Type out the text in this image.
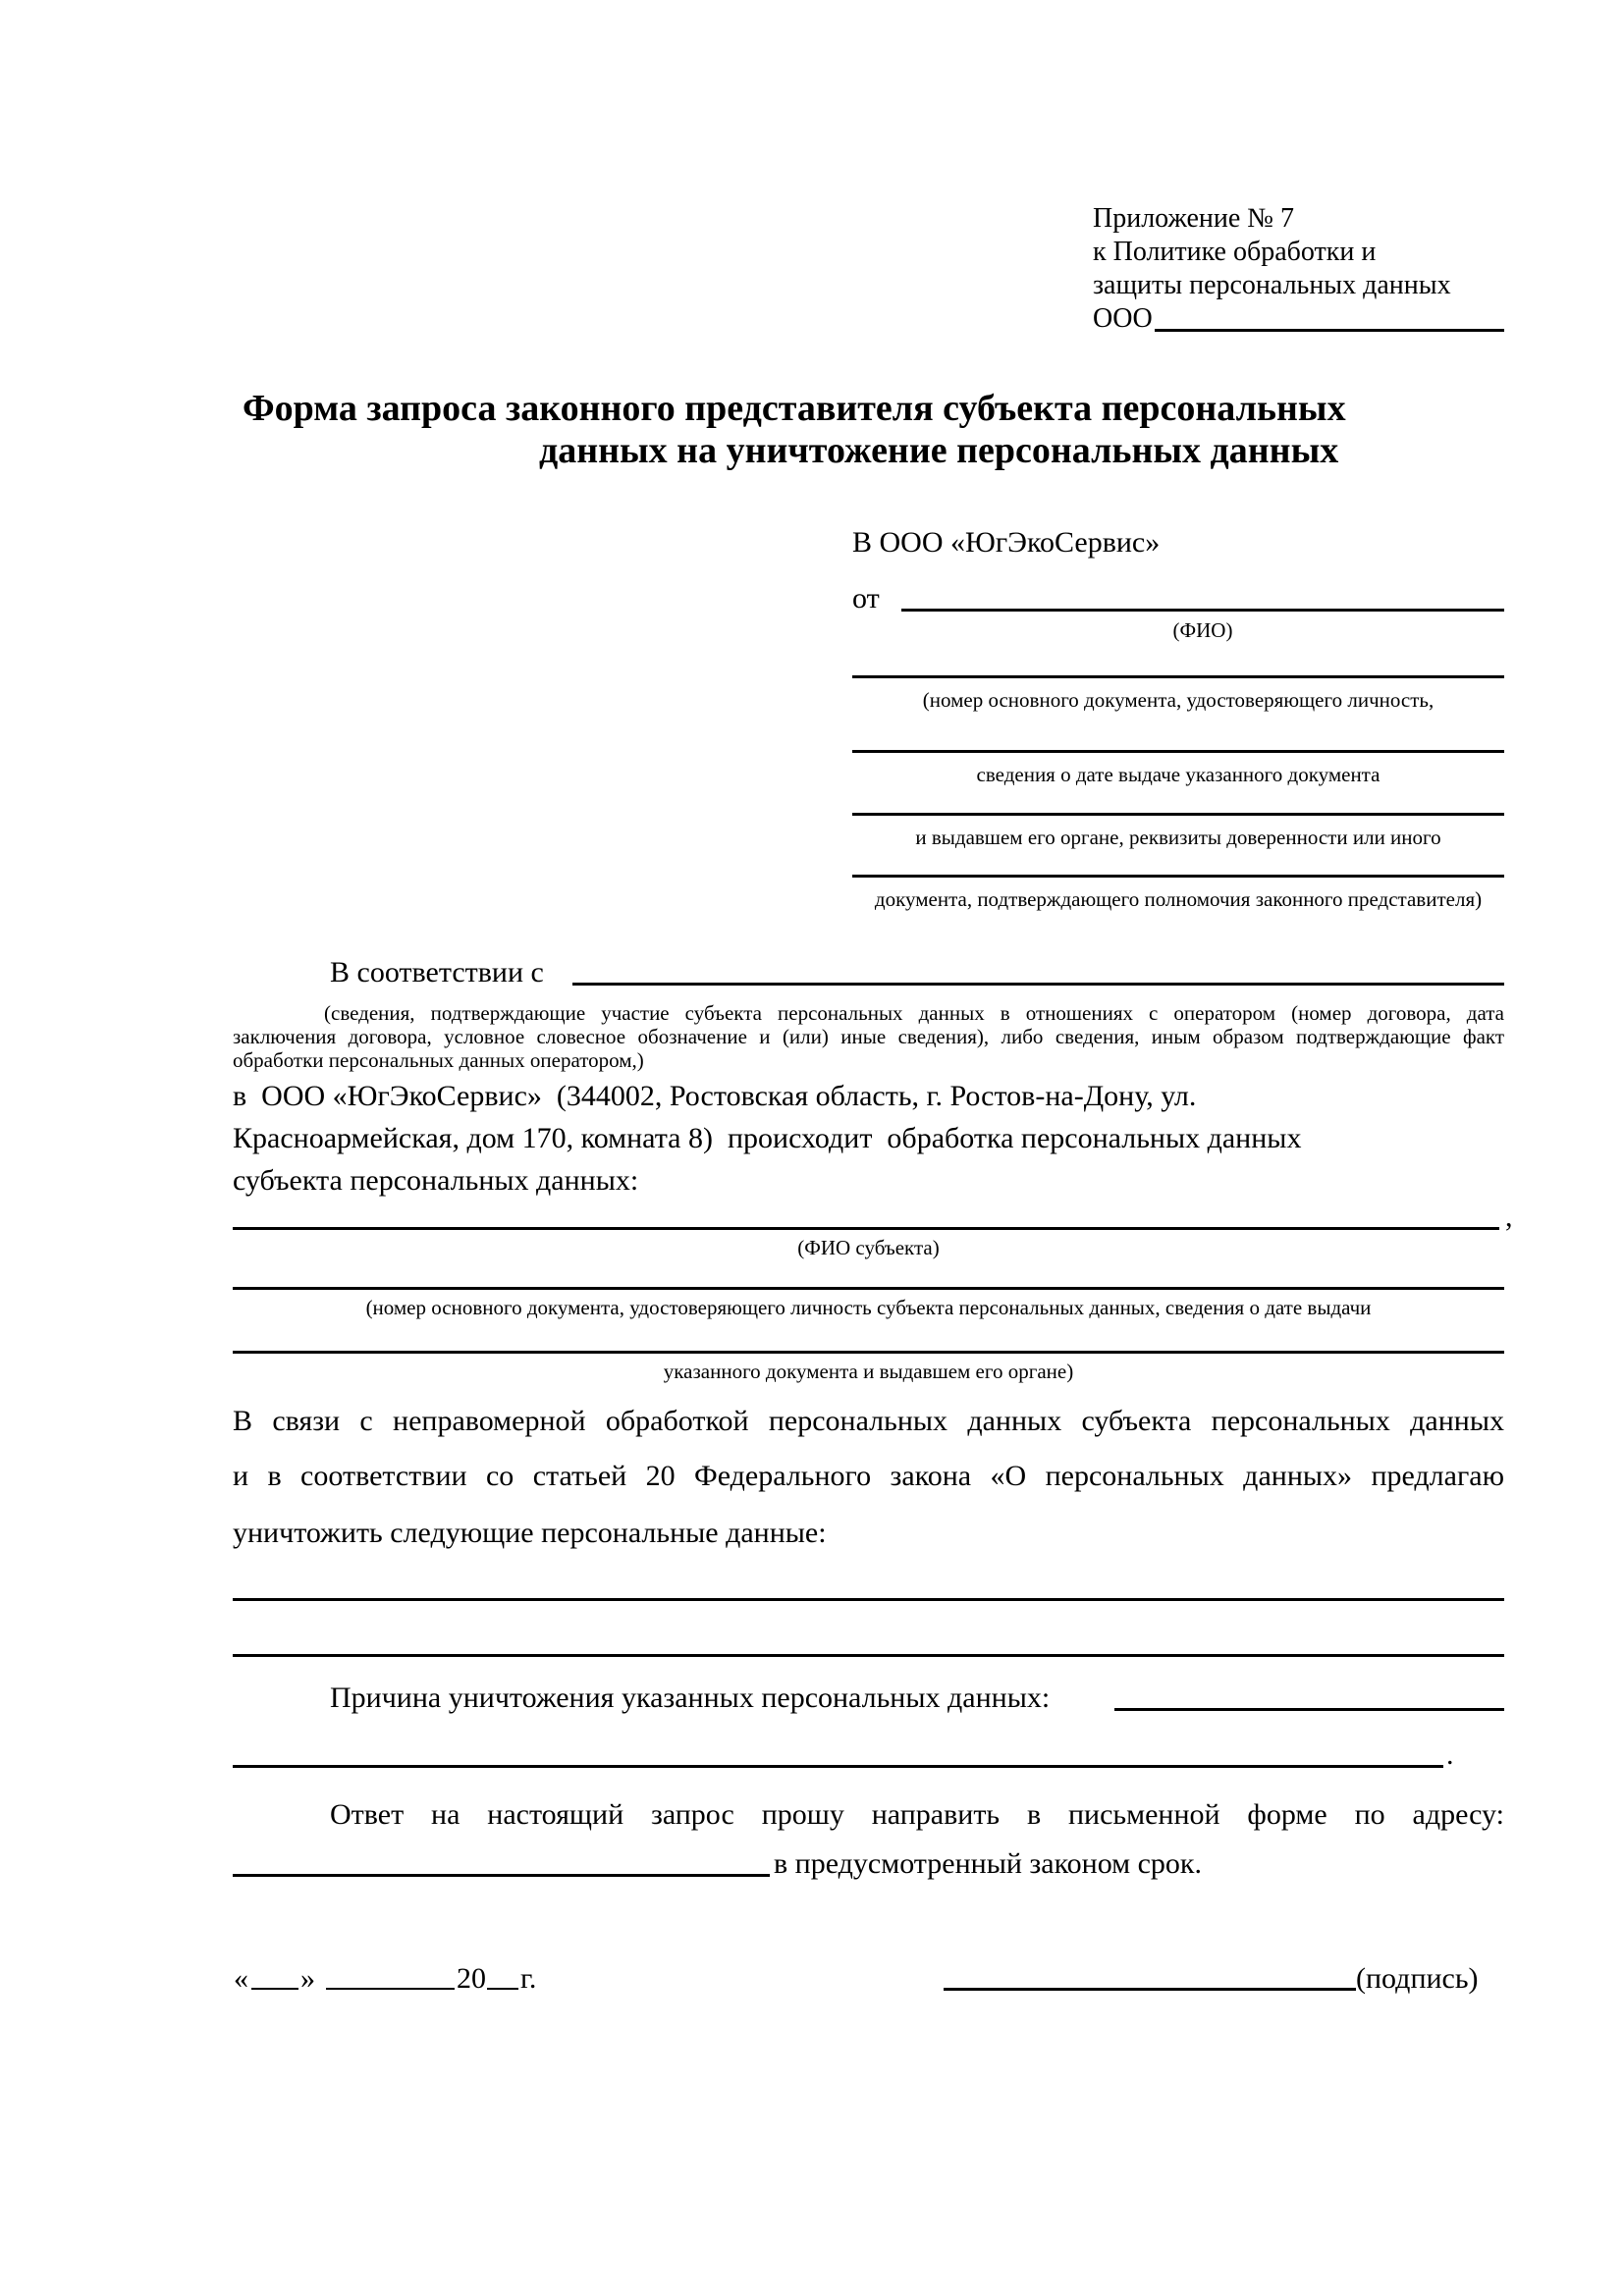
Приложение № 7
к Политике обработки и
защиты персональных данных
ООО
Форма запроса законного представителя субъекта персональных
данных на уничтожение персональных данных
В ООО «ЮгЭкоСервис»
от
(ФИО)
(номер основного документа, удостоверяющего личность,
сведения о дате выдаче указанного документа
и выдавшем его органе, реквизиты доверенности или иного
документа, подтверждающего полномочия законного представителя)
В соответствии с
(сведения, подтверждающие участие субъекта персональных данных в отношениях с оператором (номер договора, дата
заключения договора, условное словесное обозначение и (или) иные сведения), либо сведения, иным образом подтверждающие факт
обработки персональных данных оператором,)
в  ООО «ЮгЭкоСервис»  (344002, Ростовская область, г. Ростов-на-Дону, ул.
Красноармейская, дом 170, комната 8)  происходит  обработка персональных данных
субъекта персональных данных:
,
(ФИО субъекта)
(номер основного документа, удостоверяющего личность субъекта персональных данных, сведения о дате выдачи
указанного документа и выдавшем его органе)
В связи с неправомерной обработкой персональных данных субъекта персональных данных
и в соответствии со статьей 20 Федерального закона «О персональных данных» предлагаю
уничтожить следующие персональные данные:
Причина уничтожения указанных персональных данных:
.
Ответ на настоящий запрос прошу направить в письменной форме по адресу:
в предусмотренный законом срок.
« »	20 г.	(подпись)
